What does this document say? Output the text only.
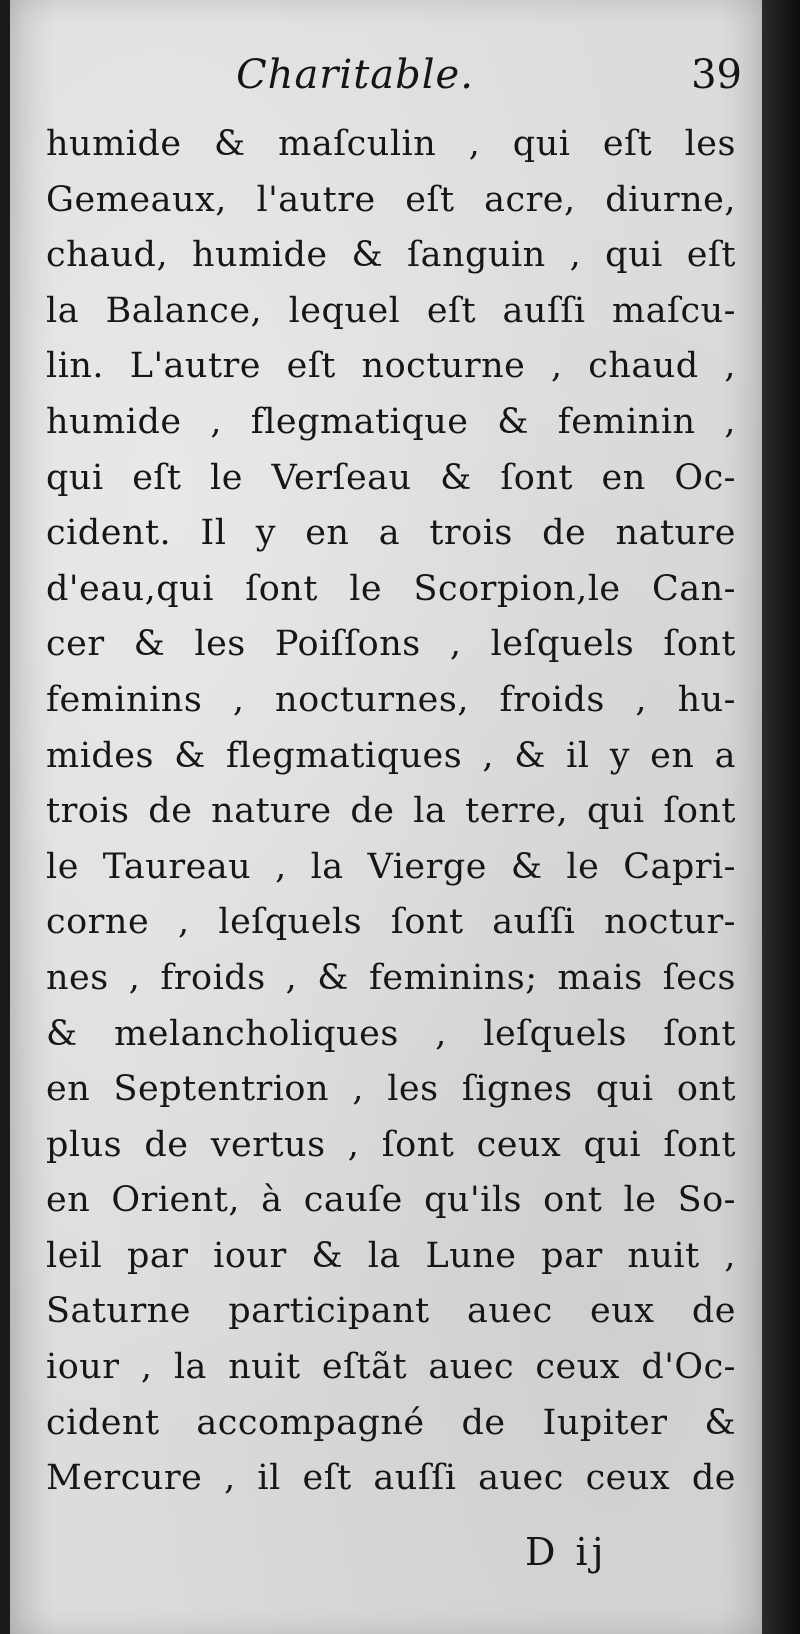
Charitable.	39
humide & maſculin , qui eſt les
Gemeaux, l'autre eſt acre, diurne,
chaud, humide & ſanguin , qui eſt
la Balance, lequel eſt auſſi maſcu-
lin. L'autre eſt nocturne , chaud ,
humide , flegmatique & feminin ,
qui eſt le Verſeau & ſont en Oc-
cident. Il y en a trois de nature
d'eau,qui ſont le Scorpion,le Can-
cer & les Poiſſons , leſquels ſont
feminins , nocturnes, froids , hu-
mides & flegmatiques , & il y en a
trois de nature de la terre, qui ſont
le Taureau , la Vierge & le Capri-
corne , leſquels ſont auſſi noctur-
nes , froids , & feminins; mais ſecs
& melancholiques , leſquels ſont
en Septentrion , les ſignes qui ont
plus de vertus , ſont ceux qui ſont
en Orient, à cauſe qu'ils ont le So-
leil par iour & la Lune par nuit ,
Saturne participant auec eux de
iour , la nuit eſtãt auec ceux d'Oc-
cident accompagné de Iupiter &
Mercure , il eſt auſſi auec ceux de
D ij
